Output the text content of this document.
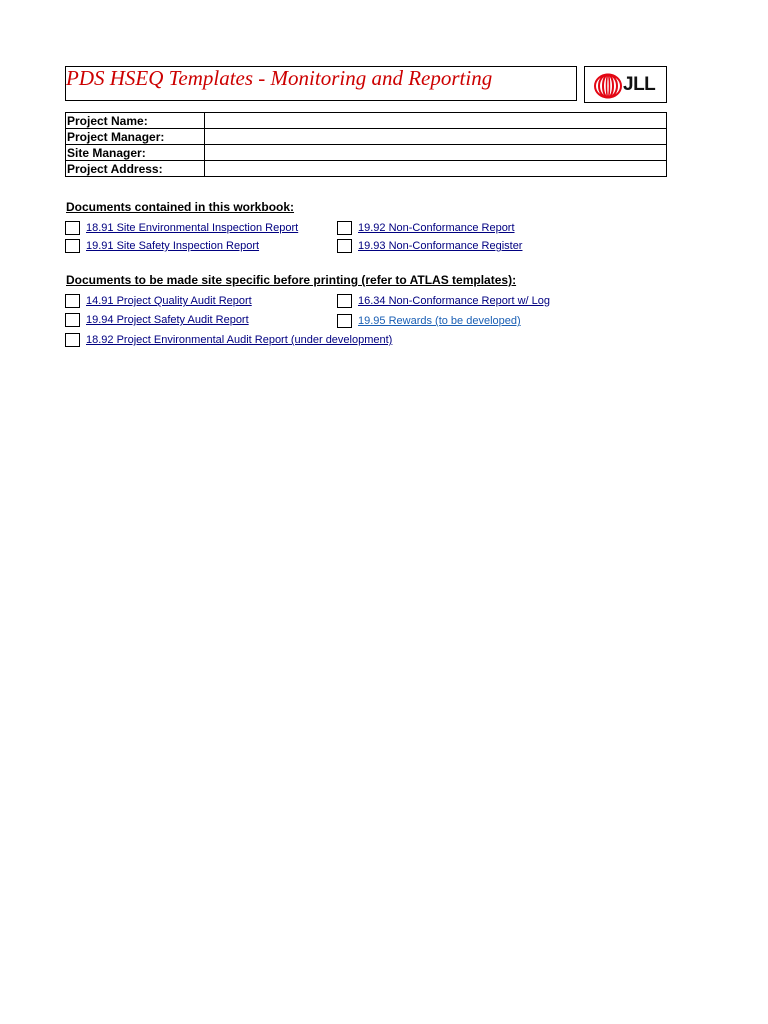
PDS HSEQ Templates - Monitoring and Reporting	JLL
Project Name:	
Project Manager:	
Site Manager:	
Project Address:	
Documents contained in this workbook:
18.91 Site Environmental Inspection Report	19.92 Non-Conformance Report
19.91 Site Safety Inspection Report	19.93 Non-Conformance Register
Documents to be made site specific before printing (refer to ATLAS templates):
14.91 Project Quality Audit Report	16.34 Non-Conformance Report w/ Log
19.94 Project Safety Audit Report	19.95 Rewards (to be developed)
18.92 Project Environmental Audit Report (under development)
